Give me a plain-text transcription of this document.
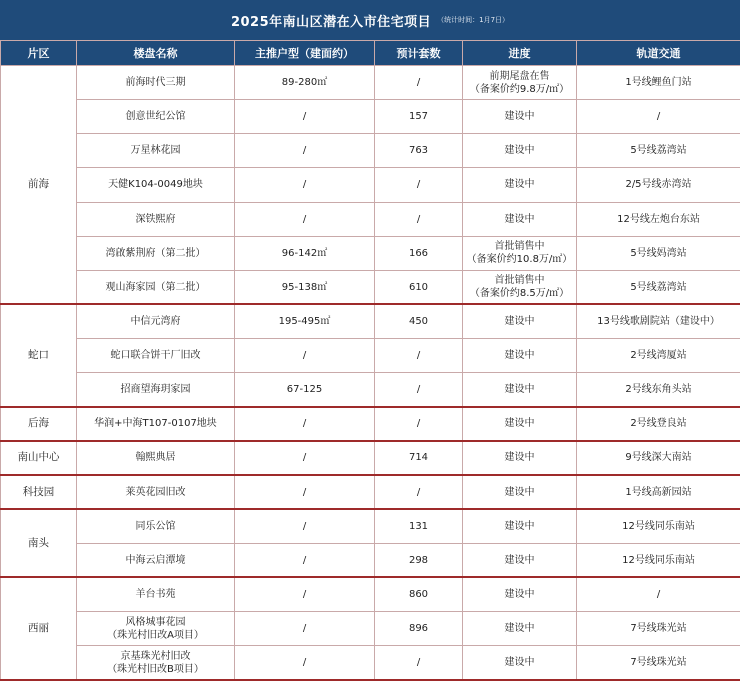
2025年南山区潜在入市住宅项目 （统计时间：1月7日）
片区	楼盘名称	主推户型（建面约）	预计套数	进度	轨道交通
前海	前海时代三期	89-280㎡	/	前期尾盘在售
（备案价约9.8万/㎡）	1号线鲤鱼门站
	创意世纪公馆	/	157	建设中	/
	万星林花园	/	763	建设中	5号线荔湾站
	天健K104-0049地块	/	/	建设中	2/5号线赤湾站
	深铁熙府	/	/	建设中	12号线左炮台东站
	湾啟紫荆府（第二批）	96-142㎡	166	首批销售中
（备案价约10.8万/㎡）	5号线妈湾站
	观山海家园（第二批）	95-138㎡	610	首批销售中
（备案价约8.5万/㎡）	5号线荔湾站
蛇口	中信元湾府	195-495㎡	450	建设中	13号线歌剧院站（建设中）
	蛇口联合饼干厂旧改	/	/	建设中	2号线湾厦站
	招商望海玥家园	67-125	/	建设中	2号线东角头站
后海	华润+中海T107-0107地块	/	/	建设中	2号线登良站
南山中心	翰熙典居	/	714	建设中	9号线深大南站
科技园	莱英花园旧改	/	/	建设中	1号线高新园站
南头	同乐公馆	/	131	建设中	12号线同乐南站
	中海云启潭境	/	298	建设中	12号线同乐南站
西丽	羊台书苑	/	860	建设中	/
	风格城事花园
（珠光村旧改A项目）	/	896	建设中	7号线珠光站
	京基珠光村旧改
（珠光村旧改B项目）	/	/	建设中	7号线珠光站
